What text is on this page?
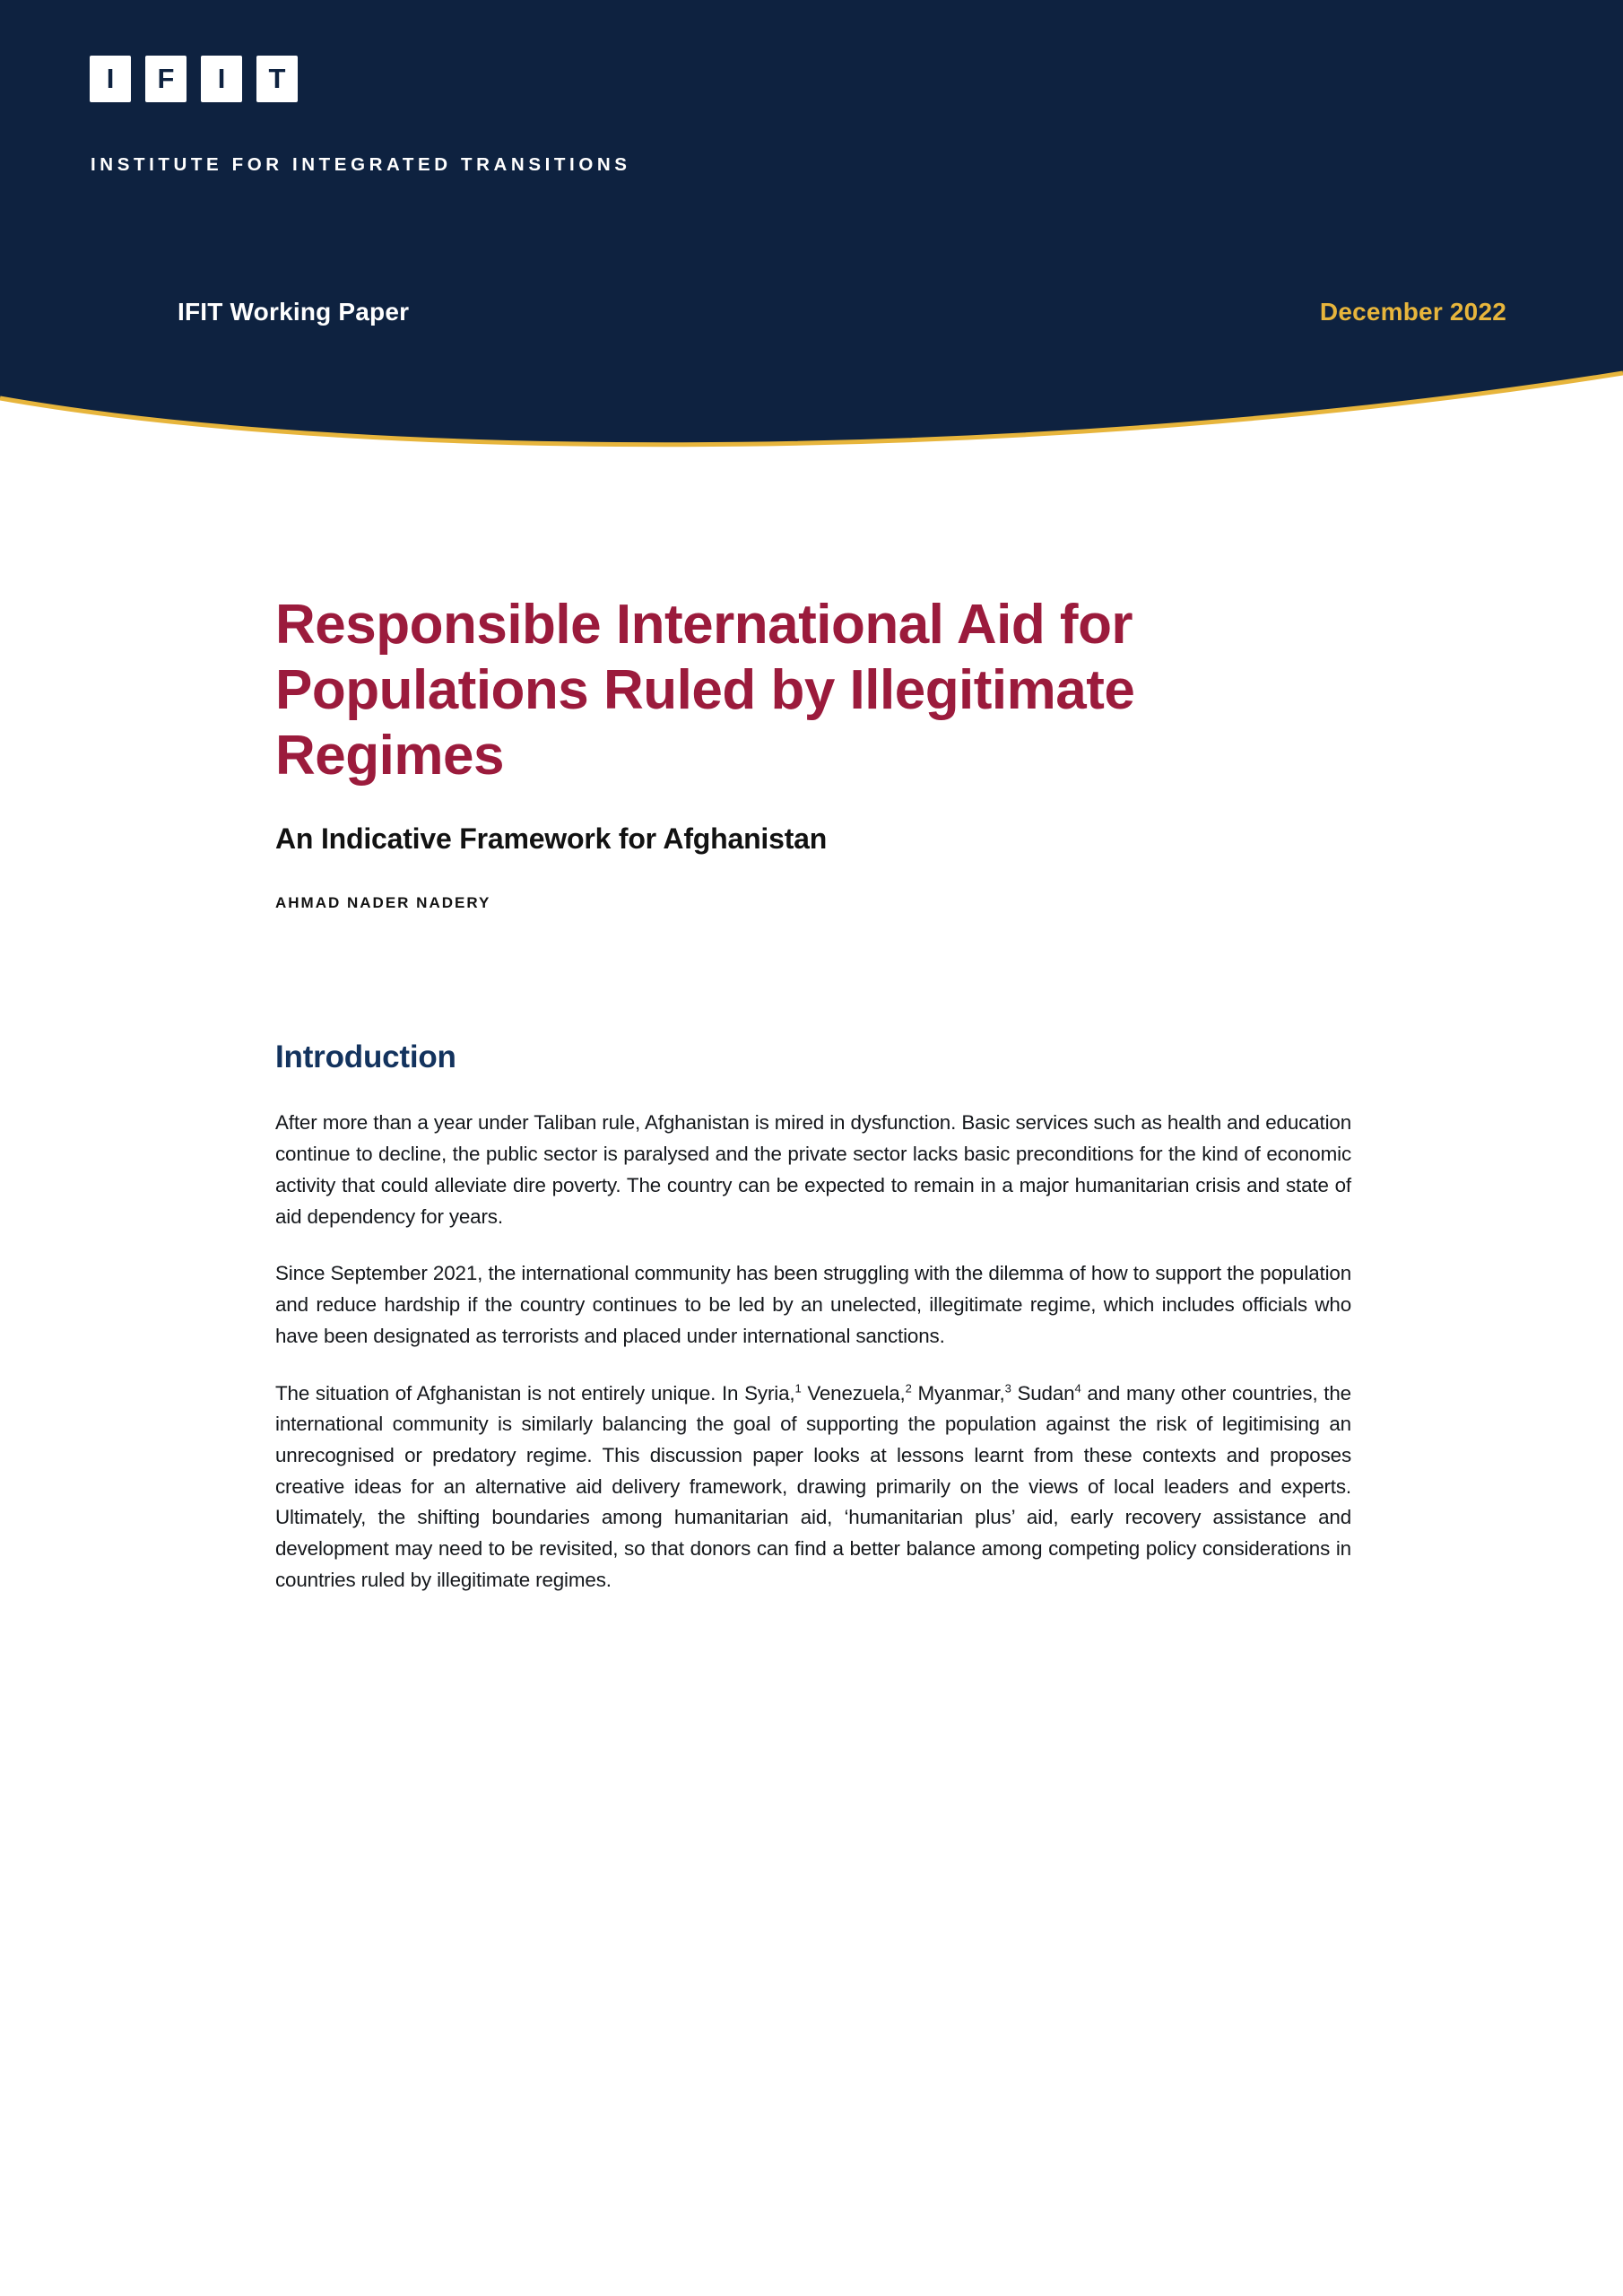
I	F	I	T
INSTITUTE FOR INTEGRATED TRANSITIONS
IFIT Working Paper	December 2022
Responsible International Aid for Populations Ruled by Illegitimate Regimes
An Indicative Framework for Afghanistan
AHMAD NADER NADERY
Introduction

After more than a year under Taliban rule, Afghanistan is mired in dysfunction. Basic services such as health and education continue to decline, the public sector is paralysed and the private sector lacks basic preconditions for the kind of economic activity that could alleviate dire poverty. The country can be expected to remain in a major humanitarian crisis and state of aid dependency for years.

Since September 2021, the international community has been struggling with the dilemma of how to support the population and reduce hardship if the country continues to be led by an unelected, illegitimate regime, which includes officials who have been designated as terrorists and placed under international sanctions.

The situation of Afghanistan is not entirely unique. In Syria,$^1$ Venezuela,$^2$ Myanmar,$^3$ Sudan$^4$ and many other countries, the international community is similarly balancing the goal of supporting the population against the risk of legitimising an unrecognised or predatory regime. This discussion paper looks at lessons learnt from these contexts and proposes creative ideas for an alternative aid delivery framework, drawing primarily on the views of local leaders and experts. Ultimately, the shifting boundaries among humanitarian aid, ‘humanitarian plus’ aid, early recovery assistance and development may need to be revisited, so that donors can find a better balance among competing policy considerations in countries ruled by illegitimate regimes.
